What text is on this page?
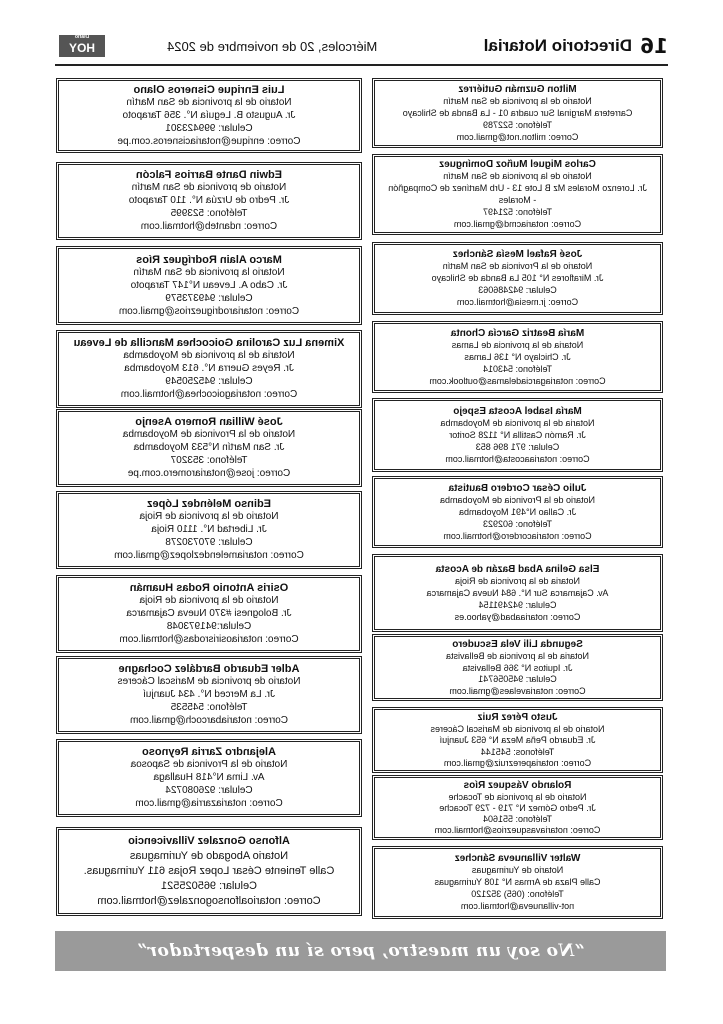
16
Directorio Notarial
Miércoles, 20 de noviembre de 2024
Diario
HOY
Luis Enrique Cisneros Olano
Notario de la provincia de San Martín
Jr. Augusto B. Leguía N°. 356 Tarapoto
Celular: 999423301
Correo: enrique@notariacisneros.com.pe
Edwin Dante Barrios Falcón
Notario de provincia de San Martín
Jr. Pedro de Urzúa N°. 110 Tarapoto
Teléfono: 523995
Correo: ndanteb@hotmail.com
Marco Alain Rodríguez Ríos
Notario la provincia de San Martín
Jr. Cabo A. Leveau N°147 Tarapoto
Celular: 949373579
Correo: notariarodriguezrios@gmail.com
Ximena Luz Carolina Goicochea Mancilla de Leveau
Notaria de la provincia de Moyobamba
Jr. Reyes Guerra N°. 613 Moyobamba
Celular: 945250549
Correo: notariagoicochea@hotmail.com
José Willian Romero Asenjo
Notario de la Provincia de Moyobamba
Jr. San Martín N°533 Moyobamba
Teléfono: 353207
Correo: jose@notariaromero.com.pe
Edinso Meléndez López
Notario de la provincia de Rioja
Jr. Libertad N°. 1110 Rioja
Celular: 970730278
Correo: notariamelendezlopez@gmail.com
Osiris Antonio Rodas Huamán
Notario de la provincia de Rioja
Jr. Bolognesi #370 Nueva Cajamarca
Celular:941973048
Correo: notariaosirisrodas@hotmail.com
Adler Eduardo Bardález Cochagne
Notario de provincia de Mariscal Cáceres
Jr. La Merced N°. 434 Juanjuí
Teléfono: 545535
Correo: notariabarcoch@gmail.com
Alejandro Zarria Reynoso
Notario de la Provincia de Saposoa
Av. Lima N°418 Huallaga
Celular: 926080724
Correo: notariazarria@gmail.com
Alfonso Gonzalez Villavicencio
Notario Abogado de Yurimaguas
Calle Teniente César Lopez Rojas 611 Yurimaguas.
Celular: 965025521
Correo: notarioalfonsogonzalez@hotmail.com
Milton Guzmán Gutiérrez
Notario de la provincia de San Martín
Carretera Marginal Sur cuadra 01 - La Banda de Shilcayo
Teléfono: 522789
Correo: milton.not@gmail.com
Carlos Miguel Muñoz Domínguez
Notario de la provincia de San Martín
Jr. Lorenzo Morales Mz B Lote 13 - Urb Martínez de Compagñón
- Morales
Teléfono: 521497
Correo: notariacmd@gmail.com
José Rafael Mesía Sánchez
Notario de la Provincia de San Martín
Jr. Miraflores N° 105 La Banda de Shilcayo
Celular: 942486063
Correo: jr.mesia@hotmail.com
María Beatriz García Chonta
Notaria de la provincia de Lamas
Jr. Chiclayo N° 136 Lamas
Teléfono: 543014
Correo: notariagarciadelamas@outlook.com
María Isabel Acosta Espejo
Notaria de la provincia de Moyobamba
Jr. Ramón Castilla N° 1128 Soritor
Celular: 971 896 853
Correo: notariaacosta@hotmail.com
Julio César Cordero Bautista
Notario de la Provincia de Moyobamba
Jr. Callao N°491 Moyobamba
Teléfono: 602923
Correo: notariacordero@hotmail.com
Elsa Gelina Abad Bazán de Acosta
Notaria de la provincia de Rioja
Av. Cajamarca Sur N°. 684 Nueva Cajamarca
Celular: 942491154
Correo: notariaabad@yahoo.es
Segunda Lili Vela Escudero
Notaria de la provincia de Bellavista
Jr. Iquitos N° 366 Bellavista
Celular: 945056741
Correo: notariavelaes@gmail.com
Justo Pérez Ruiz
Notario de la provincia de Mariscal Cáceres
Jr. Eduardo Peña Meza N° 653 Juanjuí
Teléfonos: 545144
Correo: notariaperezruiz@gmail.com
Rolando Vásquez Ríos
Notario de la provincia de Tocache
Jr. Pedro Gómez N° 719 - 729 Tocache
Teléfono: 551604
Correo: notariavasquezrios@hotmail.com
Walter Villanueva Sánchez
Notario de Yurimaguas
Calle Plaza de Armas N° 108 Yurimaguas
Teléfono: (065) 352120
not-villanueva@hotmail.com
“No soy un maestro, pero sí un despertador”
